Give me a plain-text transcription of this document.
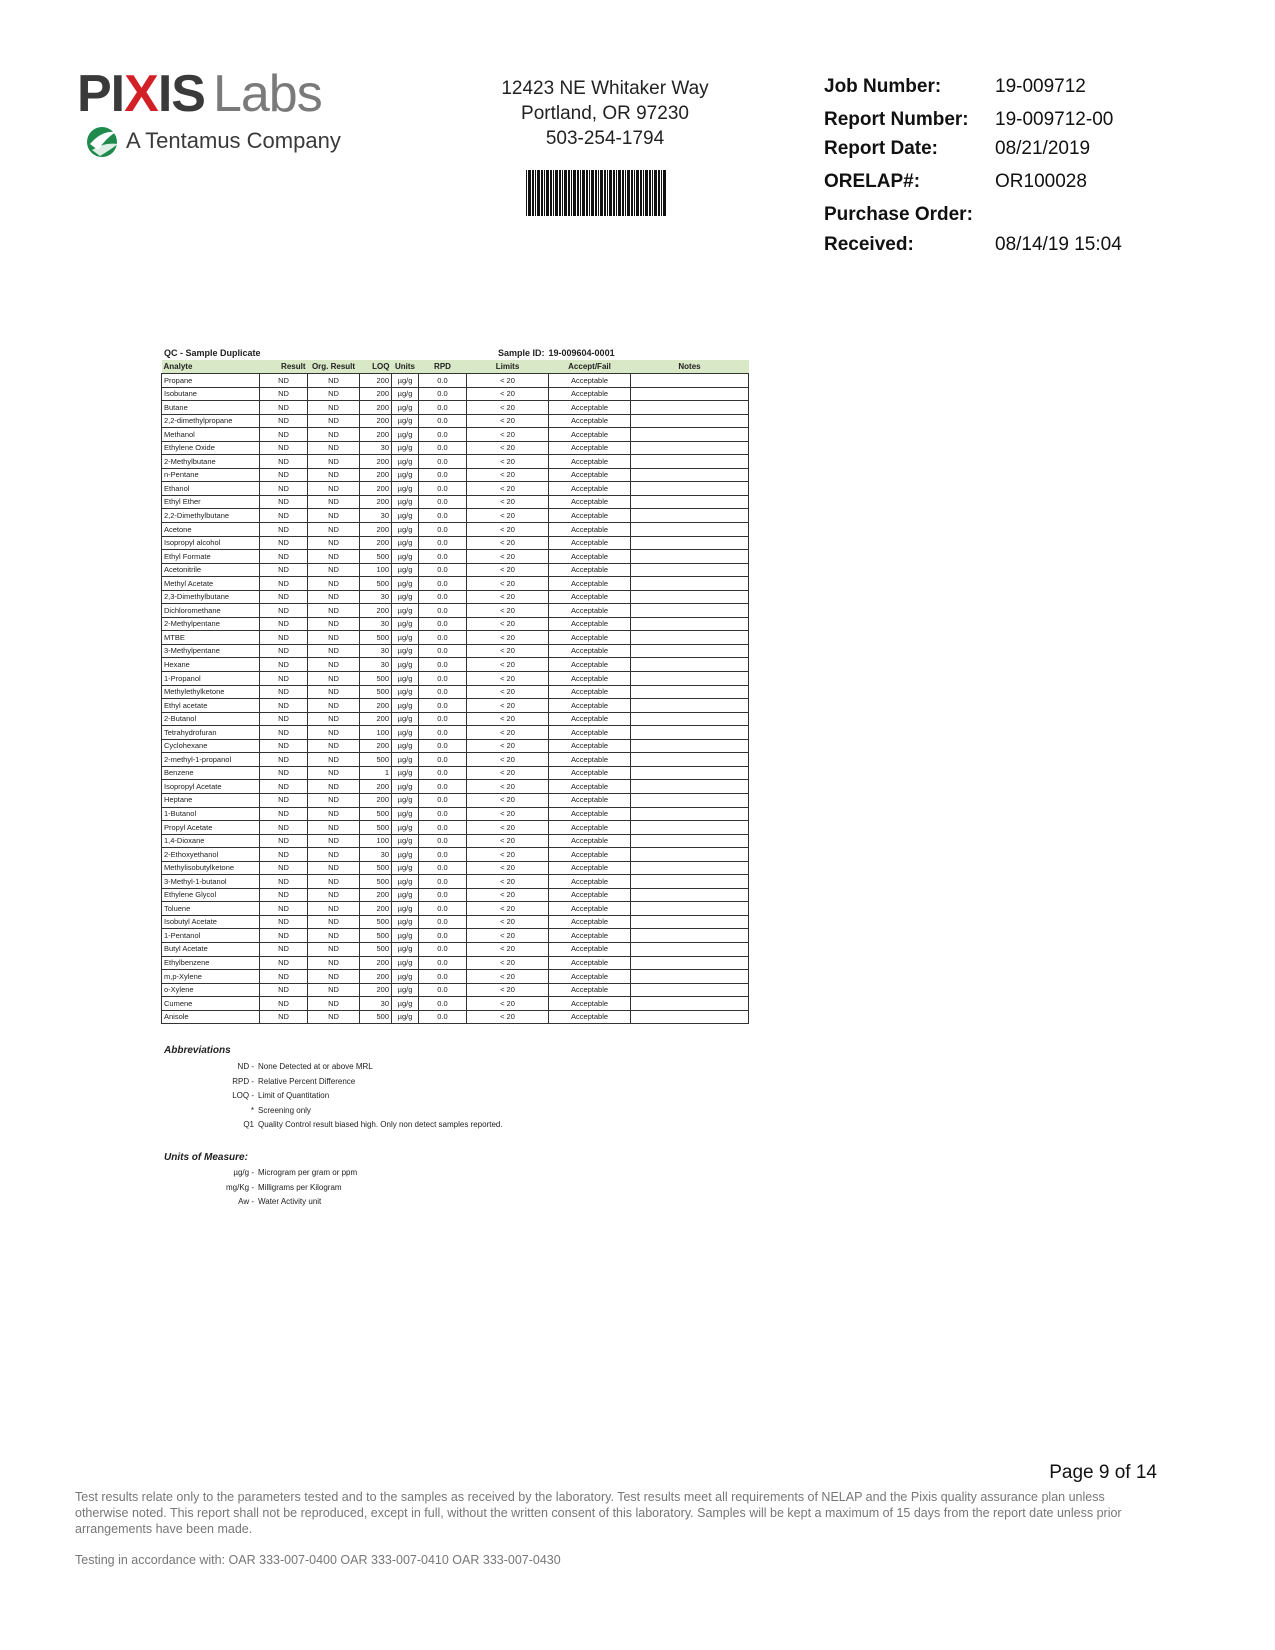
PIXIS Labs
A Tentamus Company
12423 NE Whitaker Way
Portland, OR 97230
503-254-1794
Job Number:	19-009712
Report Number: 19-009712-00
Report Date:	08/21/2019
ORELAP#:	OR100028
Purchase Order:
Received:	08/14/19 15:04
QC - Sample Duplicate	Sample ID: 19-009604-0001
Analyte	Result	Org. Result	LOQ	Units	RPD	Limits	Accept/Fail	Notes
Propane	ND	ND	200	µg/g	0.0	< 20	Acceptable	
Isobutane	ND	ND	200	µg/g	0.0	< 20	Acceptable	
Butane	ND	ND	200	µg/g	0.0	< 20	Acceptable	
2,2-dimethylpropane	ND	ND	200	µg/g	0.0	< 20	Acceptable	
Methanol	ND	ND	200	µg/g	0.0	< 20	Acceptable	
Ethylene Oxide	ND	ND	30	µg/g	0.0	< 20	Acceptable	
2-Methylbutane	ND	ND	200	µg/g	0.0	< 20	Acceptable	
n-Pentane	ND	ND	200	µg/g	0.0	< 20	Acceptable	
Ethanol	ND	ND	200	µg/g	0.0	< 20	Acceptable	
Ethyl Ether	ND	ND	200	µg/g	0.0	< 20	Acceptable	
2,2-Dimethylbutane	ND	ND	30	µg/g	0.0	< 20	Acceptable	
Acetone	ND	ND	200	µg/g	0.0	< 20	Acceptable	
Isopropyl alcohol	ND	ND	200	µg/g	0.0	< 20	Acceptable	
Ethyl Formate	ND	ND	500	µg/g	0.0	< 20	Acceptable	
Acetonitrile	ND	ND	100	µg/g	0.0	< 20	Acceptable	
Methyl Acetate	ND	ND	500	µg/g	0.0	< 20	Acceptable	
2,3-Dimethylbutane	ND	ND	30	µg/g	0.0	< 20	Acceptable	
Dichloromethane	ND	ND	200	µg/g	0.0	< 20	Acceptable	
2-Methylpentane	ND	ND	30	µg/g	0.0	< 20	Acceptable	
MTBE	ND	ND	500	µg/g	0.0	< 20	Acceptable	
3-Methylpentane	ND	ND	30	µg/g	0.0	< 20	Acceptable	
Hexane	ND	ND	30	µg/g	0.0	< 20	Acceptable	
1-Propanol	ND	ND	500	µg/g	0.0	< 20	Acceptable	
Methylethylketone	ND	ND	500	µg/g	0.0	< 20	Acceptable	
Ethyl acetate	ND	ND	200	µg/g	0.0	< 20	Acceptable	
2-Butanol	ND	ND	200	µg/g	0.0	< 20	Acceptable	
Tetrahydrofuran	ND	ND	100	µg/g	0.0	< 20	Acceptable	
Cyclohexane	ND	ND	200	µg/g	0.0	< 20	Acceptable	
2-methyl-1-propanol	ND	ND	500	µg/g	0.0	< 20	Acceptable	
Benzene	ND	ND	1	µg/g	0.0	< 20	Acceptable	
Isopropyl Acetate	ND	ND	200	µg/g	0.0	< 20	Acceptable	
Heptane	ND	ND	200	µg/g	0.0	< 20	Acceptable	
1-Butanol	ND	ND	500	µg/g	0.0	< 20	Acceptable	
Propyl Acetate	ND	ND	500	µg/g	0.0	< 20	Acceptable	
1,4-Dioxane	ND	ND	100	µg/g	0.0	< 20	Acceptable	
2-Ethoxyethanol	ND	ND	30	µg/g	0.0	< 20	Acceptable	
Methylisobutylketone	ND	ND	500	µg/g	0.0	< 20	Acceptable	
3-Methyl-1-butanol	ND	ND	500	µg/g	0.0	< 20	Acceptable	
Ethylene Glycol	ND	ND	200	µg/g	0.0	< 20	Acceptable	
Toluene	ND	ND	200	µg/g	0.0	< 20	Acceptable	
Isobutyl Acetate	ND	ND	500	µg/g	0.0	< 20	Acceptable	
1-Pentanol	ND	ND	500	µg/g	0.0	< 20	Acceptable	
Butyl Acetate	ND	ND	500	µg/g	0.0	< 20	Acceptable	
Ethylbenzene	ND	ND	200	µg/g	0.0	< 20	Acceptable	
m,p-Xylene	ND	ND	200	µg/g	0.0	< 20	Acceptable	
o-Xylene	ND	ND	200	µg/g	0.0	< 20	Acceptable	
Cumene	ND	ND	30	µg/g	0.0	< 20	Acceptable	
Anisole	ND	ND	500	µg/g	0.0	< 20	Acceptable	
Abbreviations
ND - None Detected at or above MRL
RPD - Relative Percent Difference
LOQ - Limit of Quantitation
* Screening only
Q1 Quality Control result biased high. Only non detect samples reported.
Units of Measure:
µg/g - Microgram per gram or ppm
mg/Kg - Milligrams per Kilogram
Aw - Water Activity unit
Page 9 of 14
Test results relate only to the parameters tested and to the samples as received by the laboratory. Test results meet all requirements of NELAP and the Pixis quality assurance plan unless otherwise noted. This report shall not be reproduced, except in full, without the written consent of this laboratory. Samples will be kept a maximum of 15 days from the report date unless prior arrangements have been made.
Testing in accordance with: OAR 333-007-0400 OAR 333-007-0410 OAR 333-007-0430
